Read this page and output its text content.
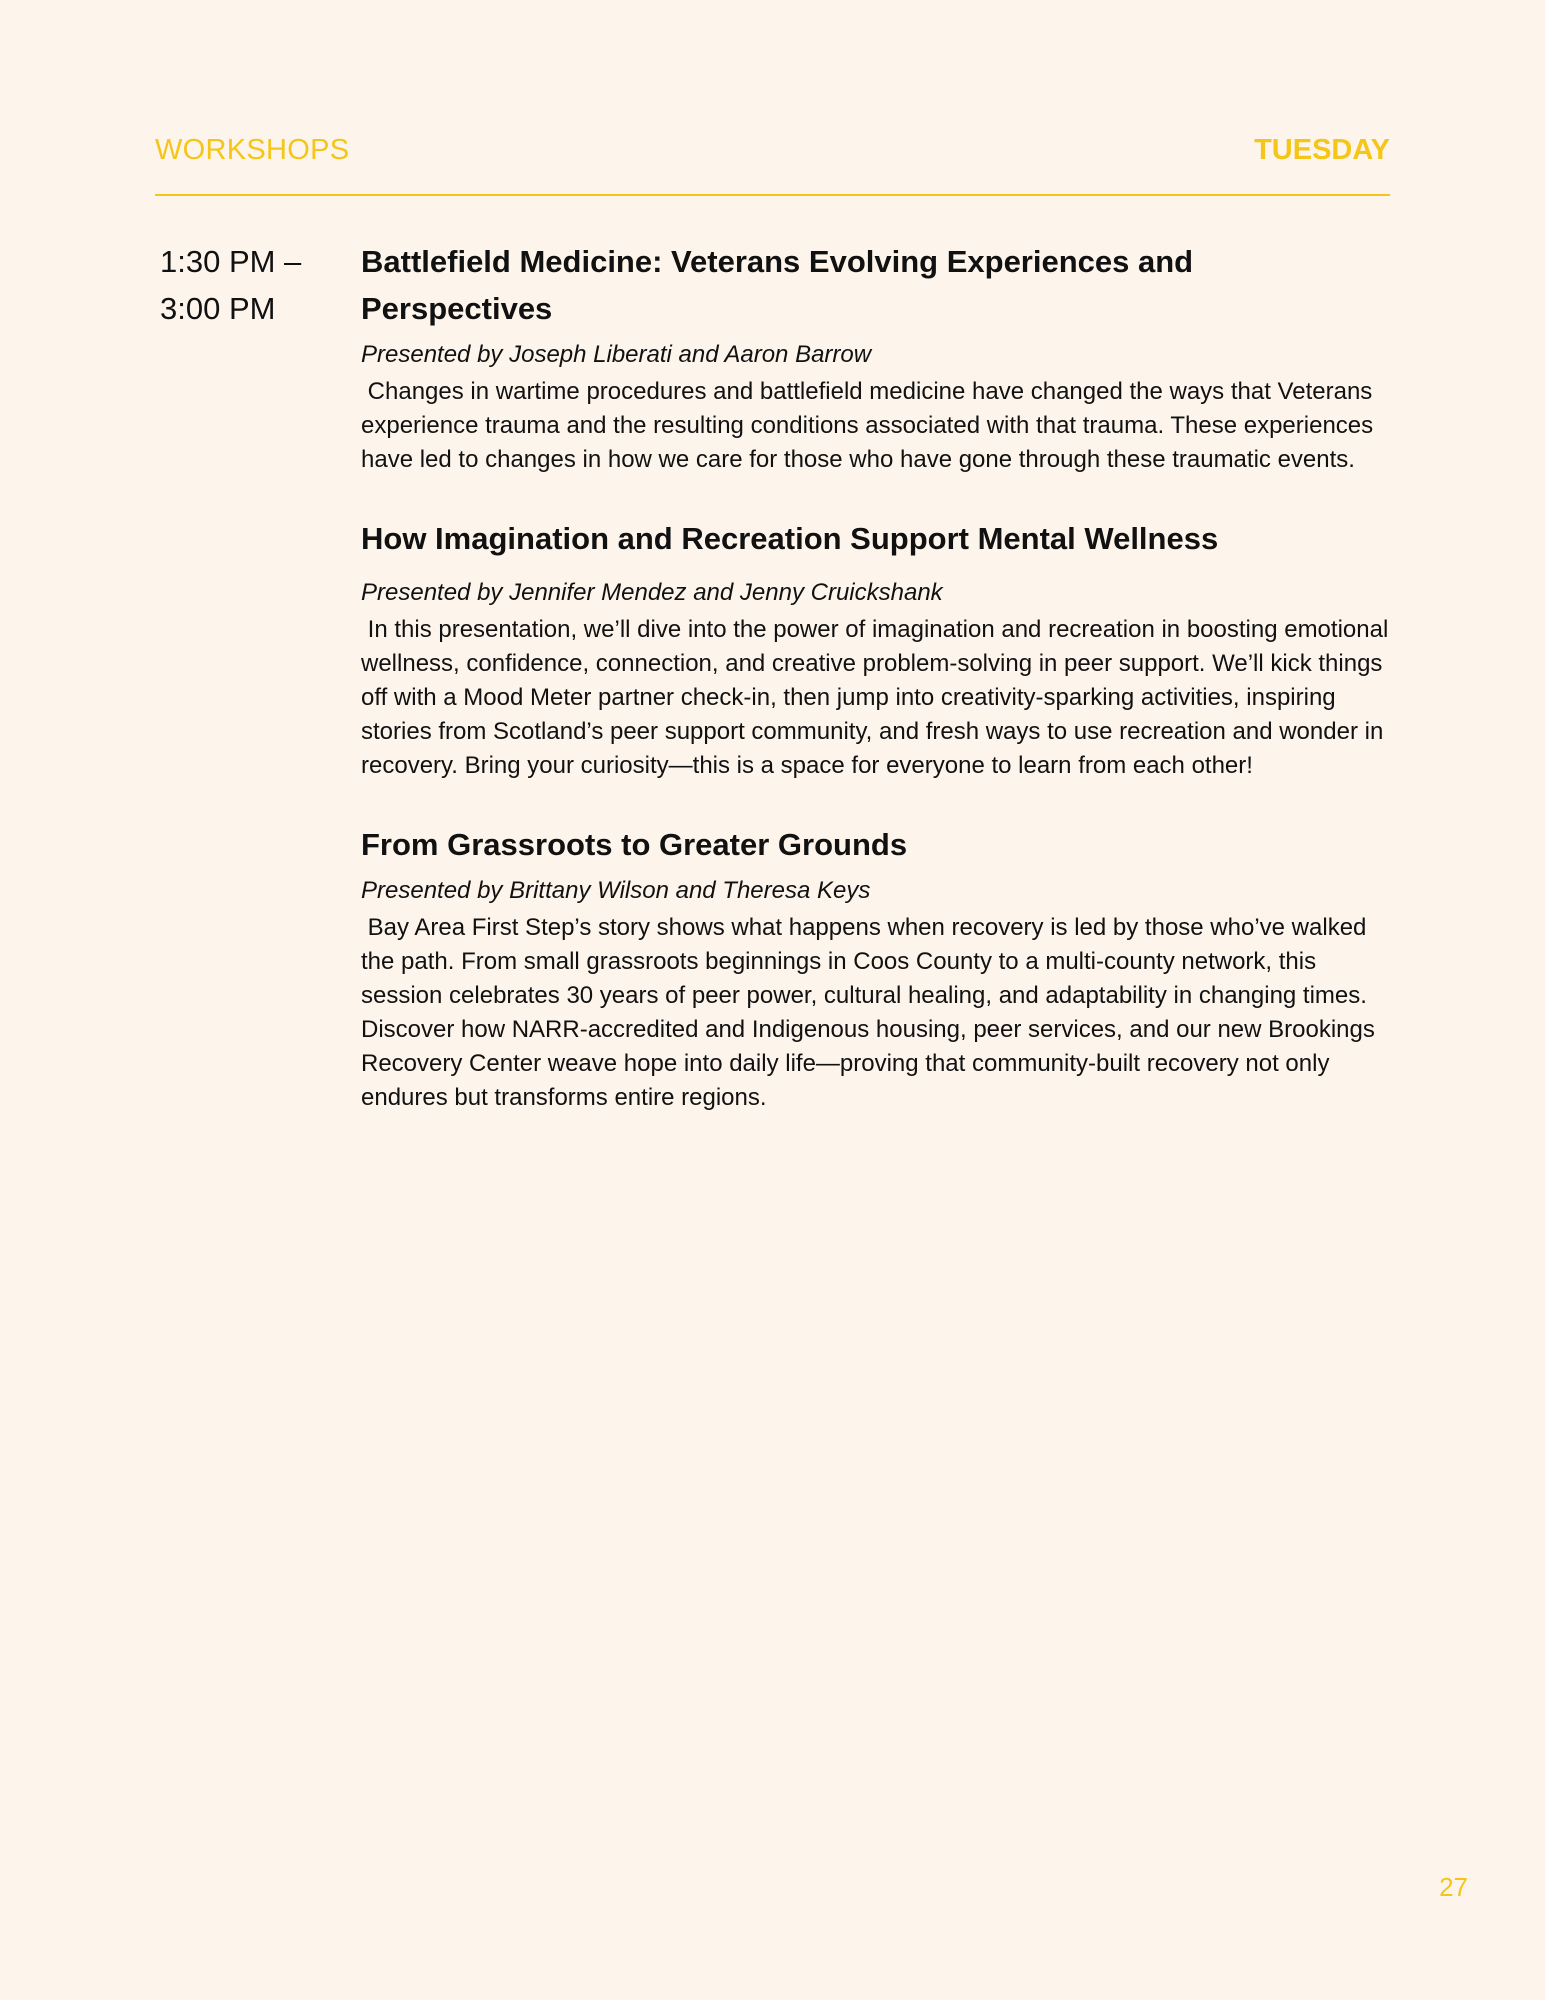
WORKSHOPS	TUESDAY
1:30 PM –
3:00 PM
Battlefield Medicine: Veterans Evolving Experiences and Perspectives

Presented by Joseph Liberati and Aaron Barrow

Changes in wartime procedures and battlefield medicine have changed the ways that Veterans experience trauma and the resulting conditions associated with that trauma. These experiences have led to changes in how we care for those who have gone through these traumatic events.

How Imagination and Recreation Support Mental Wellness

Presented by Jennifer Mendez and Jenny Cruickshank

In this presentation, we’ll dive into the power of imagination and recreation in boosting emotional wellness, confidence, connection, and creative problem-solving in peer support. We’ll kick things off with a Mood Meter partner check-in, then jump into creativity-sparking activities, inspiring stories from Scotland’s peer support community, and fresh ways to use recreation and wonder in recovery. Bring your curiosity—this is a space for everyone to learn from each other!

From Grassroots to Greater Grounds

Presented by Brittany Wilson and Theresa Keys

Bay Area First Step’s story shows what happens when recovery is led by those who’ve walked the path. From small grassroots beginnings in Coos County to a multi-county network, this session celebrates 30 years of peer power, cultural healing, and adaptability in changing times. Discover how NARR-accredited and Indigenous housing, peer services, and our new Brookings Recovery Center weave hope into daily life—proving that community-built recovery not only endures but transforms entire regions.

27
